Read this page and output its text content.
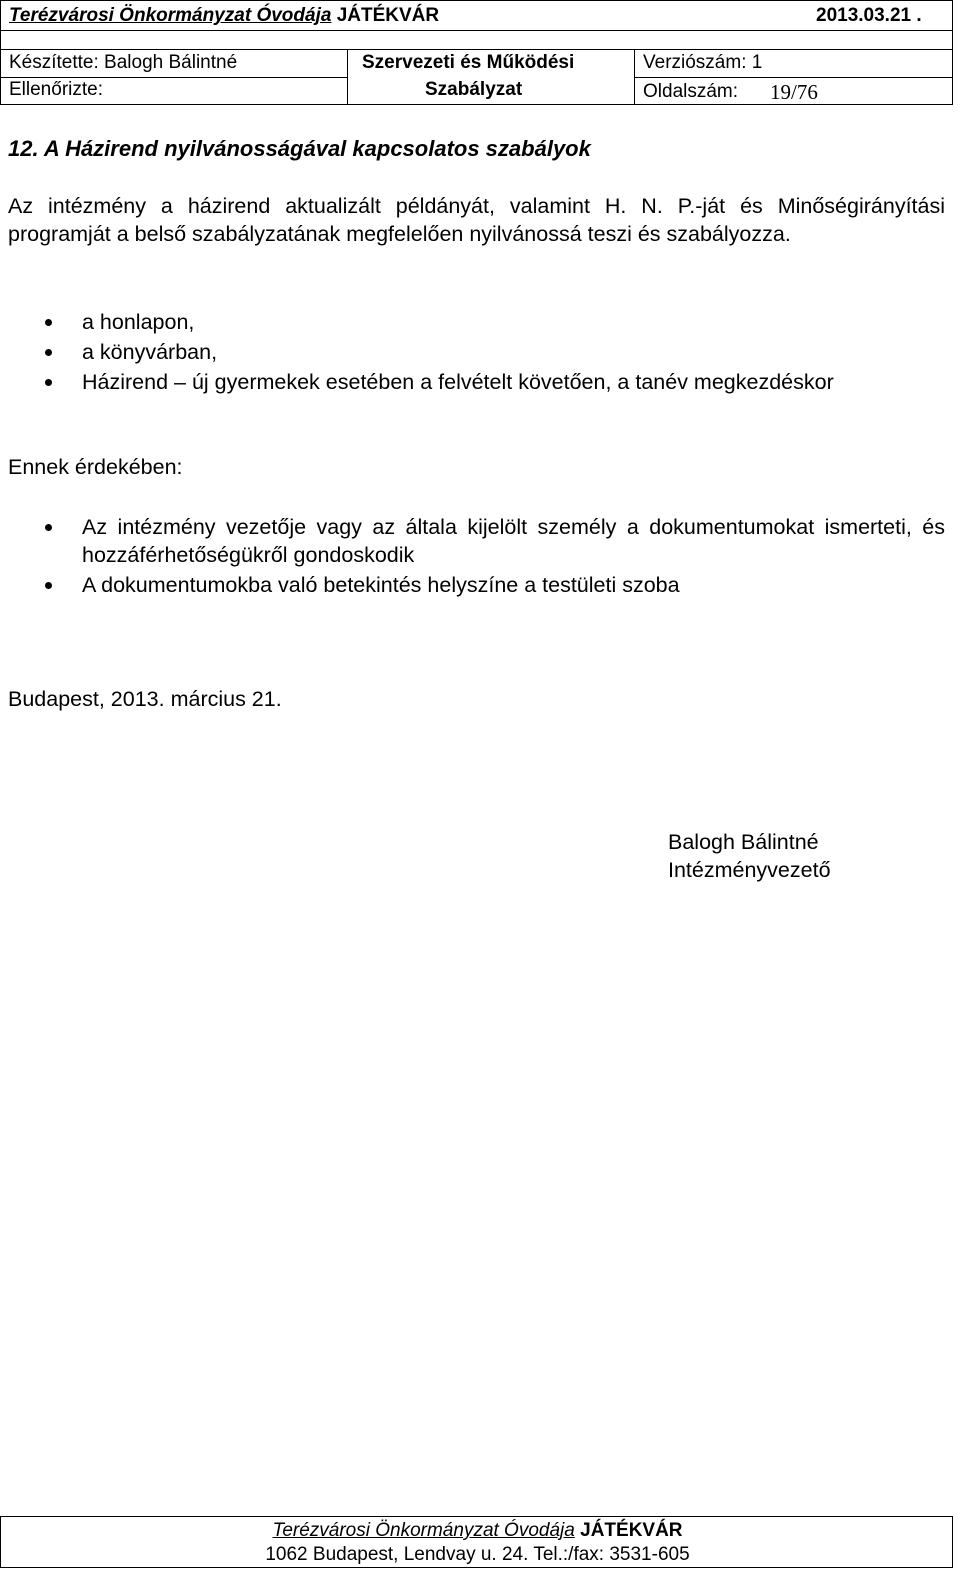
Terézvárosi Önkormányzat Óvodája JÁTÉKVÁR	2013.03.21 .
Készítette: Balogh Bálintné
Ellenőrizte:
Szervezeti és Működési
Szabályzat
Verziószám: 1
Oldalszám: 19/76
12. A Házirend nyilvánosságával kapcsolatos szabályok
Az intézmény a házirend aktualizált példányát, valamint H. N. P.-ját és Minőségirányítási programját a belső szabályzatának megfelelően nyilvánossá teszi és szabályozza.
a honlapon,
a könyvárban,
Házirend – új gyermekek esetében a felvételt követően, a tanév megkezdéskor
Ennek érdekében:
Az intézmény vezetője vagy az általa kijelölt személy a dokumentumokat ismerteti, és hozzáférhetőségükről gondoskodik
A dokumentumokba való betekintés helyszíne a testületi szoba
Budapest, 2013. március 21.
Balogh Bálintné
Intézményvezető
Terézvárosi Önkormányzat Óvodája JÁTÉKVÁR
1062 Budapest, Lendvay u. 24. Tel.:/fax: 3531-605
